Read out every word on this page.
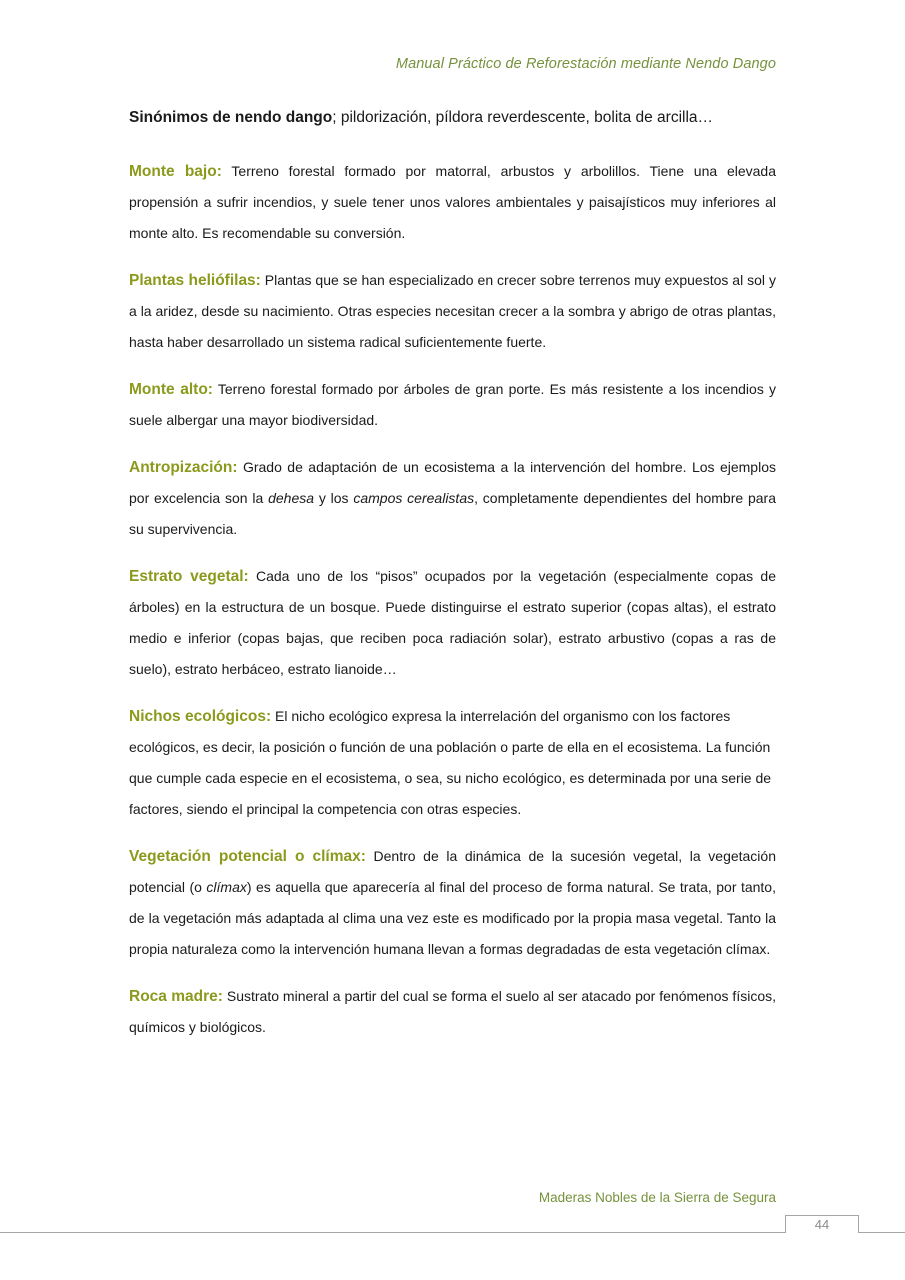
Manual Práctico de Reforestación mediante Nendo Dango

Sinónimos de nendo dango; pildorización, píldora reverdescente, bolita de arcilla…

Monte bajo: Terreno forestal formado por matorral, arbustos y arbolillos. Tiene una elevada propensión a sufrir incendios, y suele tener unos valores ambientales y paisajísticos muy inferiores al monte alto. Es recomendable su conversión.

Plantas heliófilas: Plantas que se han especializado en crecer sobre terrenos muy expuestos al sol y a la aridez, desde su nacimiento. Otras especies necesitan crecer a la sombra y abrigo de otras plantas, hasta haber desarrollado un sistema radical suficientemente fuerte.

Monte alto: Terreno forestal formado por árboles de gran porte. Es más resistente a los incendios y suele albergar una mayor biodiversidad.

Antropización: Grado de adaptación de un ecosistema a la intervención del hombre. Los ejemplos por excelencia son la dehesa y los campos cerealistas, completamente dependientes del hombre para su supervivencia.

Estrato vegetal: Cada uno de los “pisos” ocupados por la vegetación (especialmente copas de árboles) en la estructura de un bosque. Puede distinguirse el estrato superior (copas altas), el estrato medio e inferior (copas bajas, que reciben poca radiación solar), estrato arbustivo (copas a ras de suelo), estrato herbáceo, estrato lianoide…

Nichos ecológicos: El nicho ecológico expresa la interrelación del organismo con los factores ecológicos, es decir, la posición o función de una población o parte de ella en el ecosistema. La función que cumple cada especie en el ecosistema, o sea, su nicho ecológico, es determinada por una serie de factores, siendo el principal la competencia con otras especies.

Vegetación potencial o clímax: Dentro de la dinámica de la sucesión vegetal, la vegetación potencial (o clímax) es aquella que aparecería al final del proceso de forma natural. Se trata, por tanto, de la vegetación más adaptada al clima una vez este es modificado por la propia masa vegetal. Tanto la propia naturaleza como la intervención humana llevan a formas degradadas de esta vegetación clímax.

Roca madre: Sustrato mineral a partir del cual se forma el suelo al ser atacado por fenómenos físicos, químicos y biológicos.

Maderas Nobles de la Sierra de Segura
44
